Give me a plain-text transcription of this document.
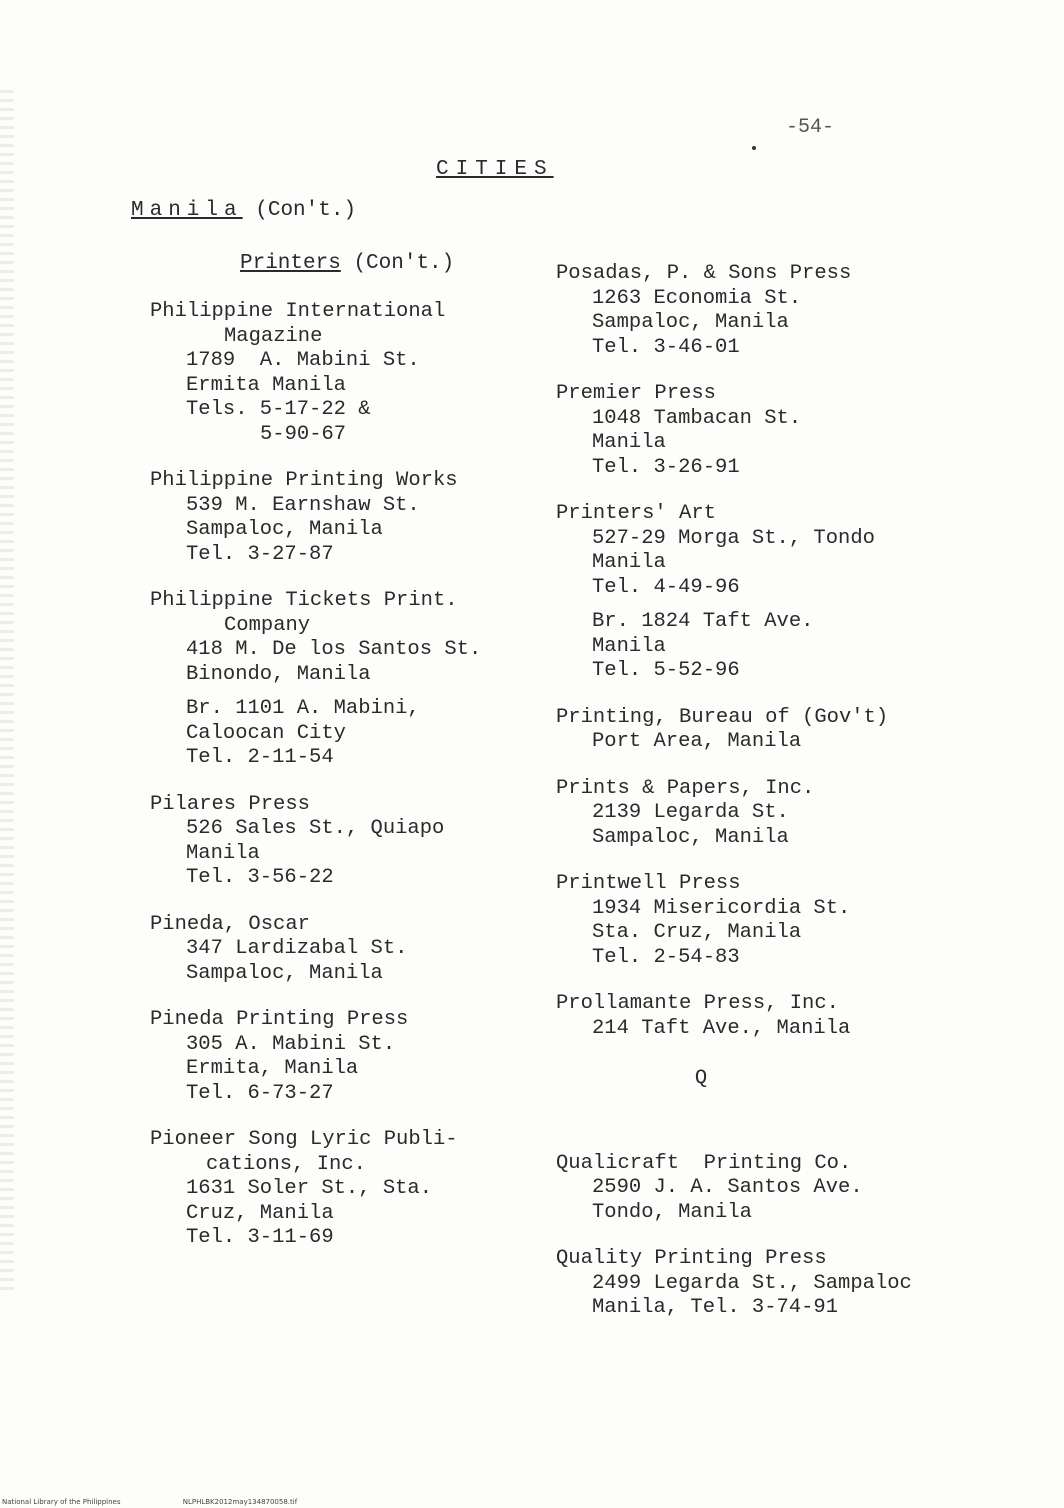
-54-
CITIES
Manila (Con't.)
Printers (Con't.)
Philippine International
Magazine
1789  A. Mabini St.
Ermita Manila
Tels. 5-17-22 &
5-90-67
Philippine Printing Works
539 M. Earnshaw St.
Sampaloc, Manila
Tel. 3-27-87
Philippine Tickets Print.
Company
418 M. De los Santos St.
Binondo, Manila
Br. 1101 A. Mabini,
Caloocan City
Tel. 2-11-54
Pilares Press
526 Sales St., Quiapo
Manila
Tel. 3-56-22
Pineda, Oscar
347 Lardizabal St.
Sampaloc, Manila
Pineda Printing Press
305 A. Mabini St.
Ermita, Manila
Tel. 6-73-27
Pioneer Song Lyric Publi-
cations, Inc.
1631 Soler St., Sta.
Cruz, Manila
Tel. 3-11-69
Posadas, P. & Sons Press
1263 Economia St.
Sampaloc, Manila
Tel. 3-46-01
Premier Press
1048 Tambacan St.
Manila
Tel. 3-26-91
Printers' Art
527-29 Morga St., Tondo
Manila
Tel. 4-49-96
Br. 1824 Taft Ave.
Manila
Tel. 5-52-96
Printing, Bureau of (Gov't)
Port Area, Manila
Prints & Papers, Inc.
2139 Legarda St.
Sampaloc, Manila
Printwell Press
1934 Misericordia St.
Sta. Cruz, Manila
Tel. 2-54-83
Prollamante Press, Inc.
214 Taft Ave., Manila
Q
Qualicraft  Printing Co.
2590 J. A. Santos Ave.
Tondo, Manila
Quality Printing Press
2499 Legarda St., Sampaloc
Manila, Tel. 3-74-91
National Library of the Philippines	NLPHLBK2012may134870058.tif
